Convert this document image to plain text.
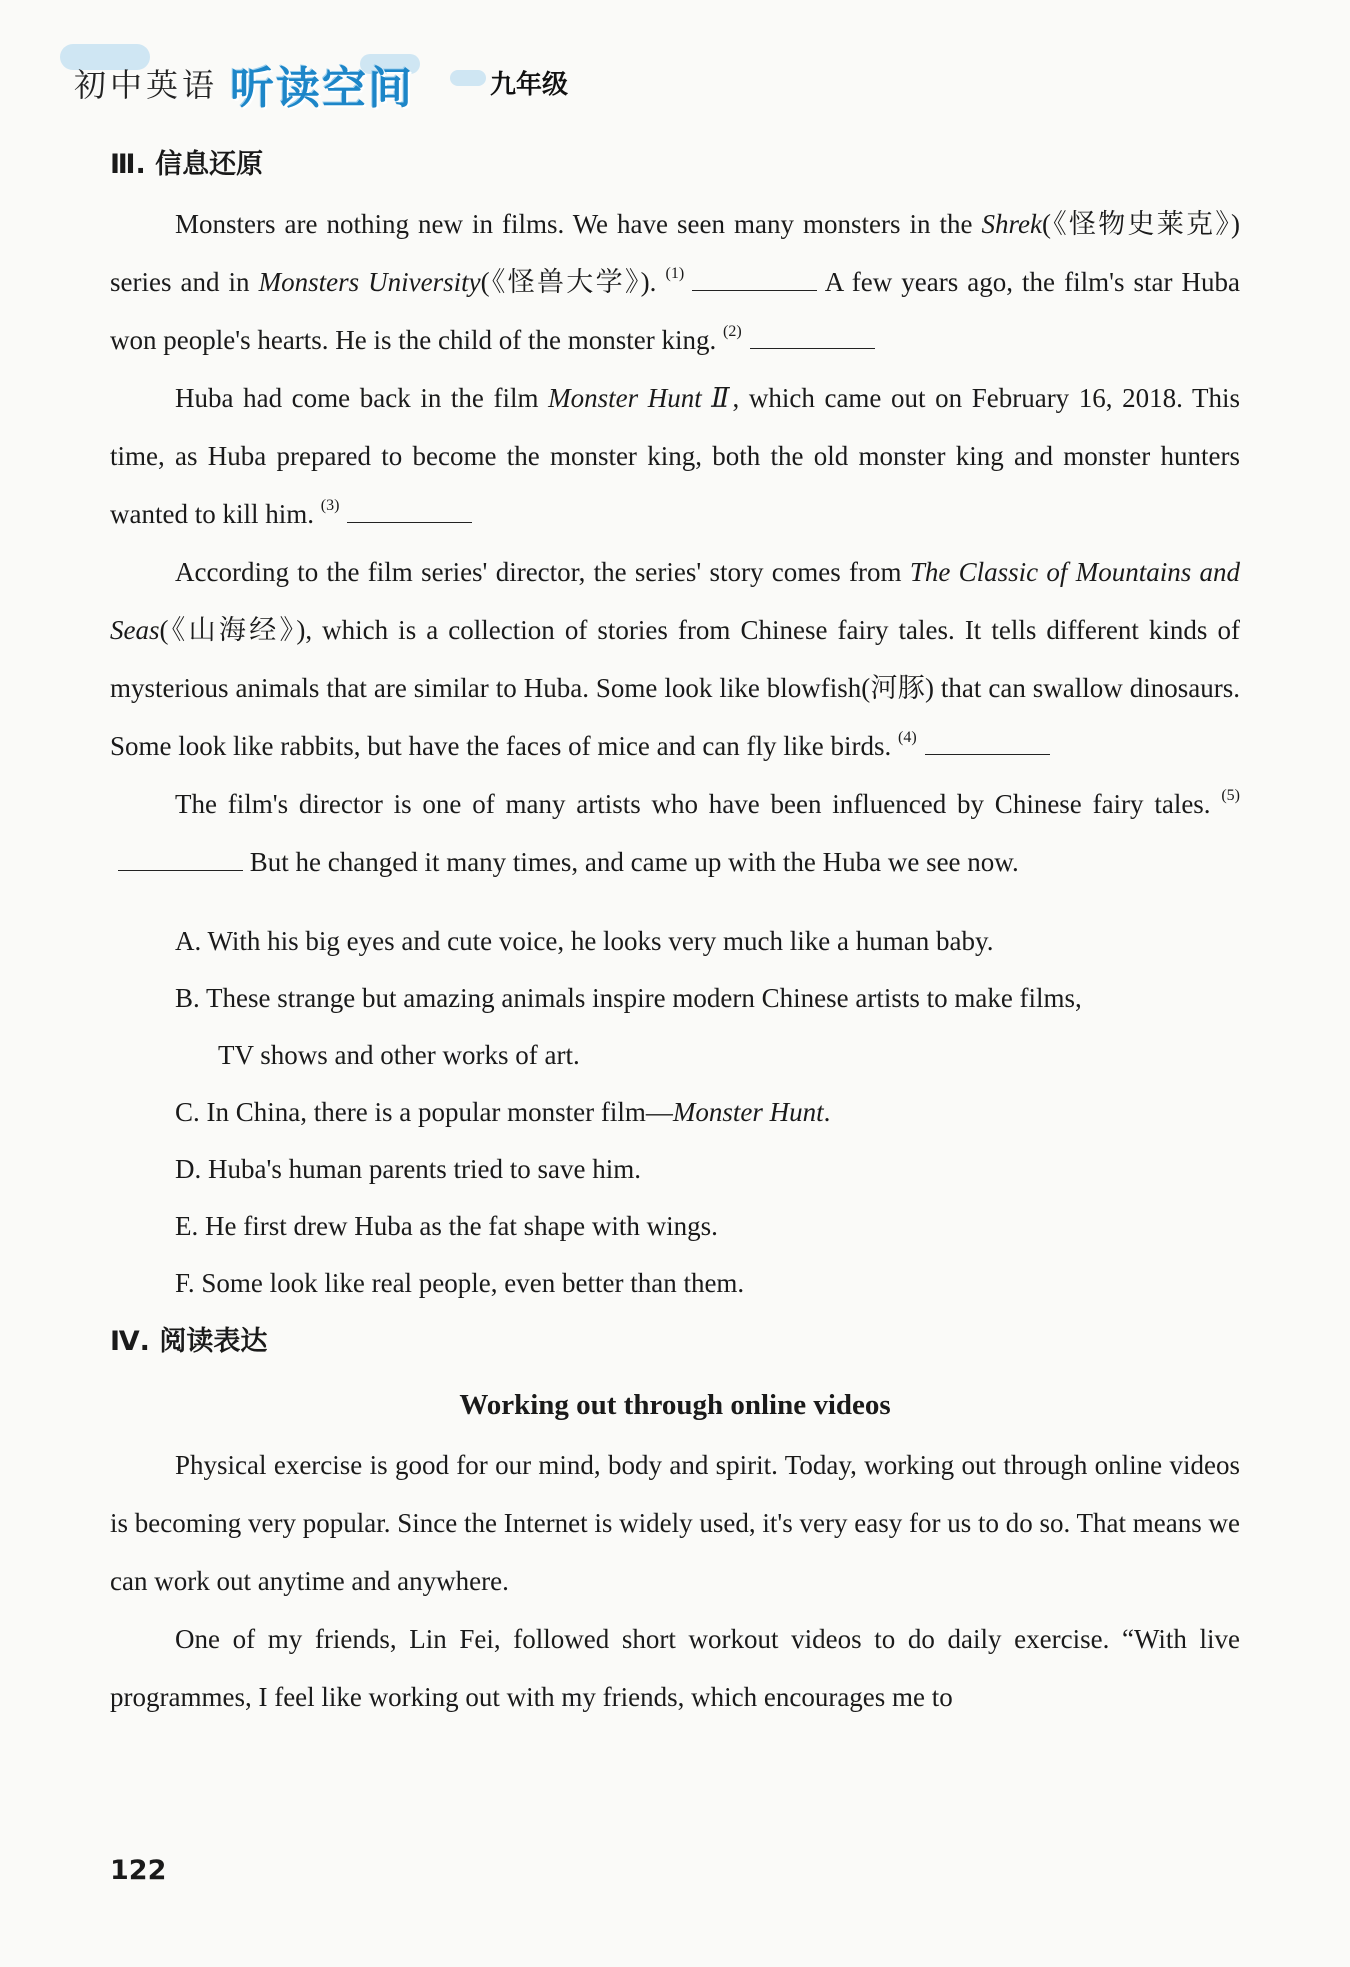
初中英语 听读空间	九年级
Ⅲ. 信息还原

Monsters are nothing new in films. We have seen many monsters in the Shrek(《怪物史莱克》) series and in Monsters University(《怪兽大学》). $^{(1)}$	A few years ago, the film's star Huba won people's hearts. He is the child of the monster king. $^{(2)}$

Huba had come back in the film Monster Hunt Ⅱ, which came out on February 16, 2018. This time, as Huba prepared to become the monster king, both the old monster king and monster hunters wanted to kill him. $^{(3)}$

According to the film series' director, the series' story comes from The Classic of Mountains and Seas(《山海经》), which is a collection of stories from Chinese fairy tales. It tells different kinds of mysterious animals that are similar to Huba. Some look like blowfish(河豚) that can swallow dinosaurs. Some look like rabbits, but have the faces of mice and can fly like birds. $^{(4)}$

The film's director is one of many artists who have been influenced by Chinese fairy tales. $^{(5)}$ But he changed it many times, and came up with the Huba we see now.

A. With his big eyes and cute voice, he looks very much like a human baby.
B. These strange but amazing animals inspire modern Chinese artists to make films,
TV shows and other works of art.
C. In China, there is a popular monster film—Monster Hunt.
D. Huba's human parents tried to save him.
E. He first drew Huba as the fat shape with wings.
F. Some look like real people, even better than them.
Ⅳ. 阅读表达
Working out through online videos

Physical exercise is good for our mind, body and spirit. Today, working out through online videos is becoming very popular. Since the Internet is widely used, it's very easy for us to do so. That means we can work out anytime and anywhere.

One of my friends, Lin Fei, followed short workout videos to do daily exercise. “With live programmes, I feel like working out with my friends, which encourages me to

122
